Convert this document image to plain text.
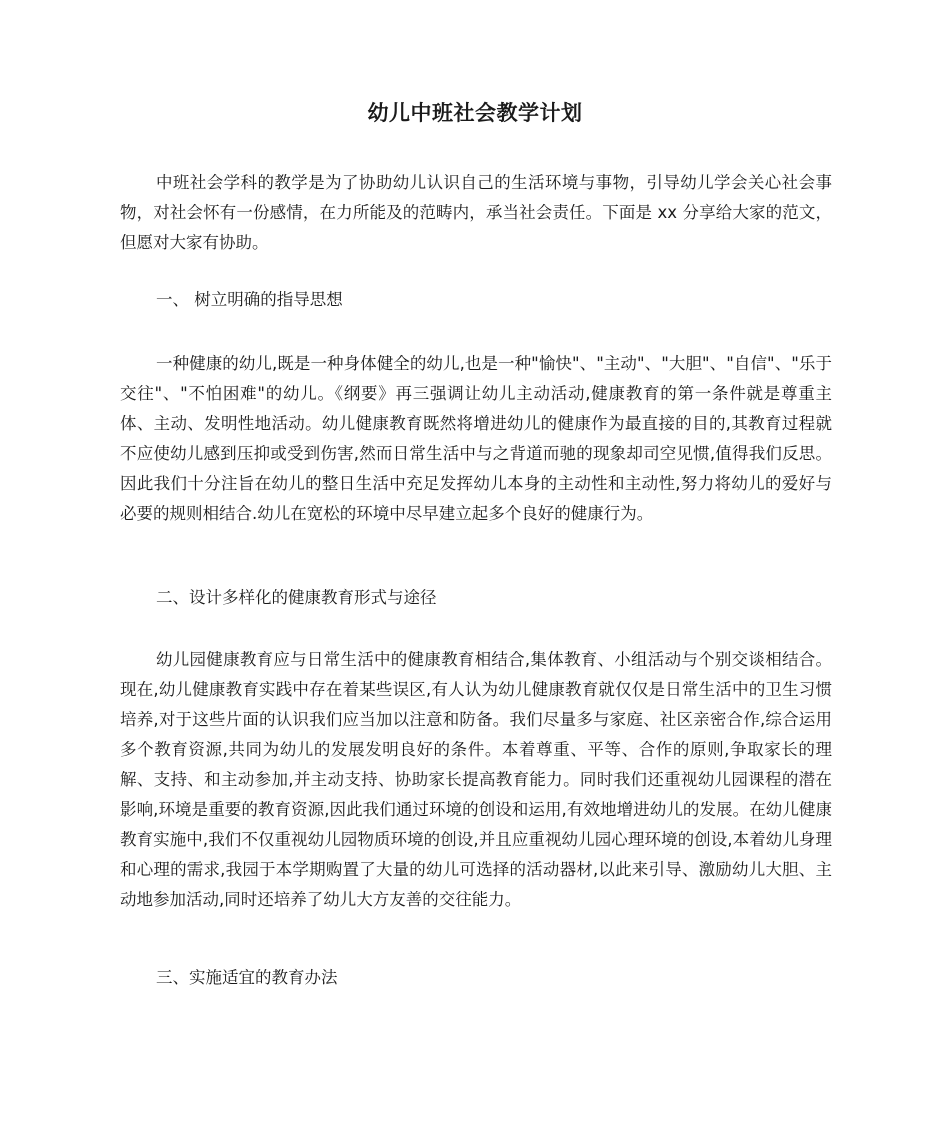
幼儿中班社会教学计划

中班社会学科的教学是为了协助幼儿认识自己的生活环境与事物，引导幼儿学会关心社会事物，对社会怀有一份感情，在力所能及的范畴内，承当社会责任。下面是 xx 分享给大家的范文，但愿对大家有协助。

一、 树立明确的指导思想

一种健康的幼儿,既是一种身体健全的幼儿,也是一种"愉快"、"主动"、"大胆"、"自信"、"乐于交往"、"不怕困难"的幼儿。《纲要》再三强调让幼儿主动活动,健康教育的第一条件就是尊重主体、主动、发明性地活动。幼儿健康教育既然将增进幼儿的健康作为最直接的目的,其教育过程就不应使幼儿感到压抑或受到伤害,然而日常生活中与之背道而驰的现象却司空见惯,值得我们反思。因此我们十分注旨在幼儿的整日生活中充足发挥幼儿本身的主动性和主动性,努力将幼儿的爱好与必要的规则相结合.幼儿在宽松的环境中尽早建立起多个良好的健康行为。

二、设计多样化的健康教育形式与途径

幼儿园健康教育应与日常生活中的健康教育相结合,集体教育、小组活动与个别交谈相结合。现在,幼儿健康教育实践中存在着某些误区,有人认为幼儿健康教育就仅仅是日常生活中的卫生习惯培养,对于这些片面的认识我们应当加以注意和防备。我们尽量多与家庭、社区亲密合作,综合运用多个教育资源,共同为幼儿的发展发明良好的条件。本着尊重、平等、合作的原则,争取家长的理解、支持、和主动参加,并主动支持、协助家长提高教育能力。同时我们还重视幼儿园课程的潜在影响,环境是重要的教育资源,因此我们通过环境的创设和运用,有效地增进幼儿的发展。在幼儿健康教育实施中,我们不仅重视幼儿园物质环境的创设,并且应重视幼儿园心理环境的创设,本着幼儿身理和心理的需求,我园于本学期购置了大量的幼儿可选择的活动器材,以此来引导、激励幼儿大胆、主动地参加活动,同时还培养了幼儿大方友善的交往能力。

三、实施适宜的教育办法
